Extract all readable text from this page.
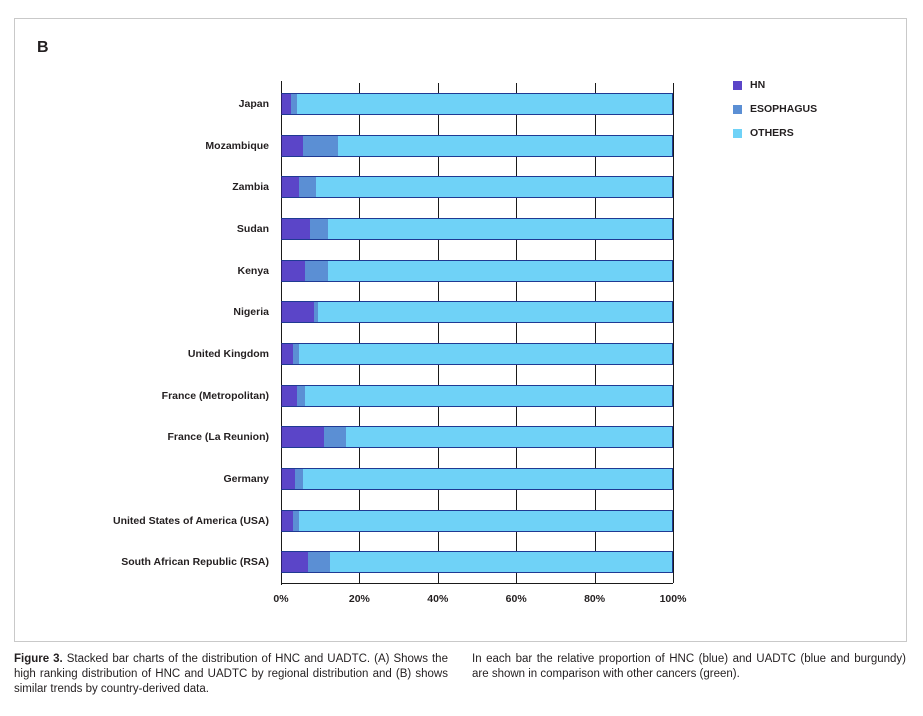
B
Japan
Mozambique
Zambia
Sudan
Kenya
Nigeria
United Kingdom
France (Metropolitan)
France (La Reunion)
Germany
United States of America (USA)
South African Republic (RSA)
0%	20%	40%	60%	80%	100%
HN
ESOPHAGUS
OTHERS
Figure 3. Stacked bar charts of the distribution of HNC and UADTC. (A) Shows the high ranking distribution of HNC and UADTC by regional distribution and (B) shows similar trends by country-derived data.
In each bar the relative proportion of HNC (blue) and UADTC (blue and burgundy) are shown in comparison with other cancers (green).
